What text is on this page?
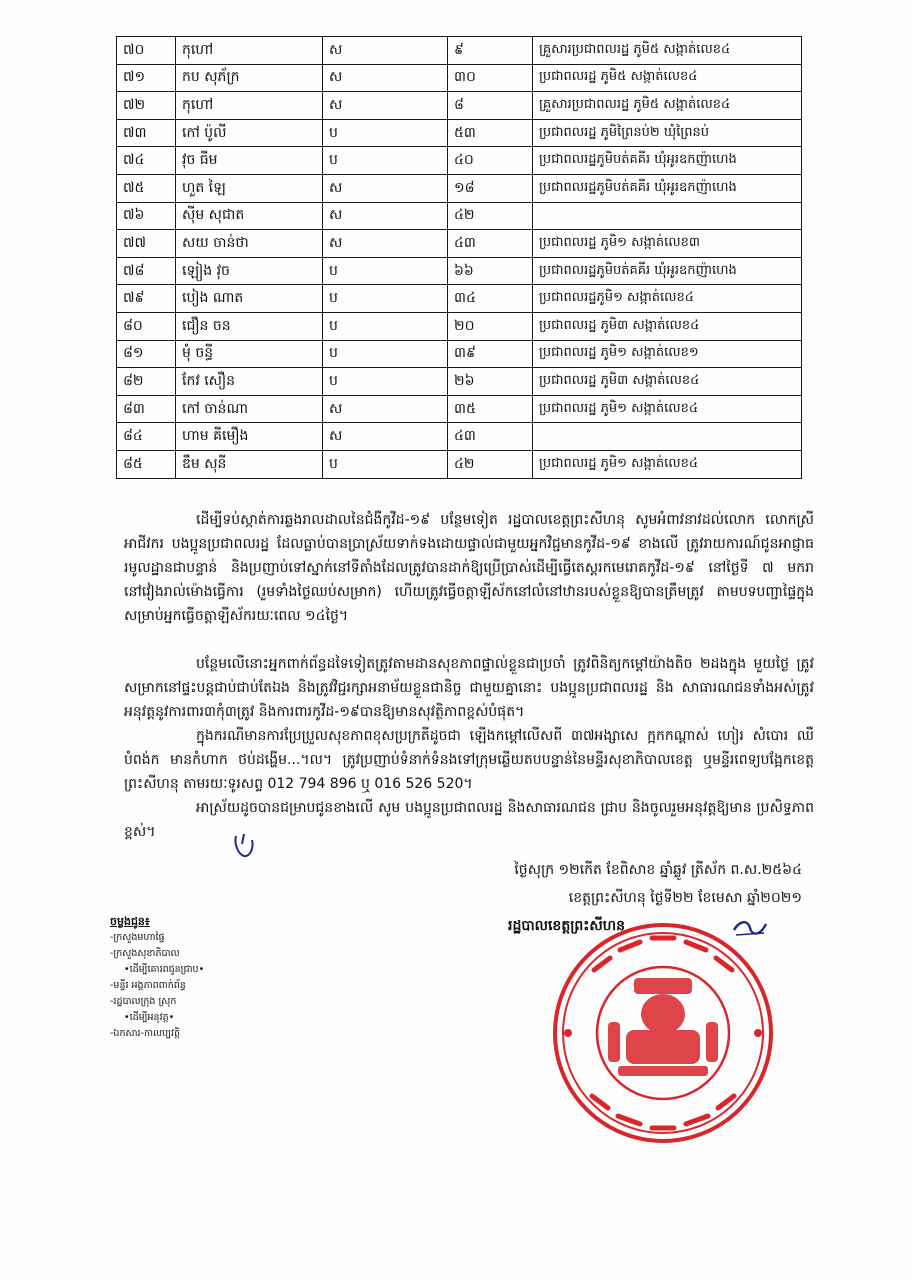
៧០	កុហៅ	ស	៩	គ្រួសារប្រជាពលរដ្ឋ ភូមិ៥ សង្កាត់លេខ៤
៧១	កប សុភ័ក្រ	ស	៣០	ប្រជាពលរដ្ឋ ភូមិ៥ សង្កាត់លេខ៤
៧២	កុហៅ	ស	៨	គ្រួសារប្រជាពលរដ្ឋ ភូមិ៥ សង្កាត់លេខ៤
៧៣	កៅ ប៉ូលី	ប	៥៣	ប្រជាពលរដ្ឋ ភូមិព្រៃនប់២ ឃុំព្រៃនប់
៧៤	វុច ធីម	ប	៤០	ប្រជាពលរដ្ឋភូមិបត់គគីរ ឃុំអូរឧកញ៉ាហេង
៧៥	ហួត ឡៃ	ស	១៨	ប្រជាពលរដ្ឋភូមិបត់គគីរ ឃុំអូរឧកញ៉ាហេង
៧៦	ស៊ីម សុជាត	ស	៤២	
៧៧	សយ ចាន់ថា	ស	៤៣	ប្រជាពលរដ្ឋ ភូមិ១ សង្កាត់លេខ៣
៧៨	ឡៀង វុច	ប	៦៦	ប្រជាពលរដ្ឋភូមិបត់គគីរ ឃុំអូរឧកញ៉ាហេង
៧៩	បៀង ណាត	ប	៣៤	ប្រជាពលរដ្ឋភូមិ១ សង្កាត់លេខ៤
៨០	ជឿន ចន	ប	២០	ប្រជាពលរដ្ឋ ភូមិ៣ សង្កាត់លេខ៤
៨១	មុំ ចន្ធី	ប	៣៩	ប្រជាពលរដ្ឋ ភូមិ១ សង្កាត់លេខ១
៨២	កែវ សឿន	ប	២៦	ប្រជាពលរដ្ឋ ភូមិ៣ សង្កាត់លេខ៤
៨៣	កៅ ចាន់ណា	ស	៣៥	ប្រជាពលរដ្ឋ ភូមិ១ សង្កាត់លេខ៤
៨៤	ហាម គីមឿង	ស	៤៣	
៨៥	ឌឹម សុនី	ប	៤២	ប្រជាពលរដ្ឋ ភូមិ១ សង្កាត់លេខ៤

ដើម្បីទប់ស្កាត់ការឆ្លងរាលដាលនៃជំងឺកូវីដ-១៩ បន្ថែមទៀត រដ្ឋបាលខេត្តព្រះសីហនុ សូមអំពាវនាវដល់លោក លោកស្រី អាជីវករ បងប្អូនប្រជាពលរដ្ឋ ដែលធ្លាប់បានប្រាស្រ័យទាក់ទងដោយផ្ទាល់ជាមួយអ្នកវិជ្ជមានកូវីដ-១៩ ខាងលើ ត្រូវរាយការណ៍ជូនអាជ្ញាធរមូលដ្ឋានជាបន្ទាន់ និងប្រញាប់ទៅស្នាក់នៅទីតាំងដែលត្រូវបានដាក់ឱ្យប្រើប្រាស់ដើម្បីធ្វើតេស្តរកមេរោគកូវីដ-១៩ នៅថ្ងៃទី ៧ មករា នៅវៀងរាល់ម៉ោងធ្វើការ (រួមទាំងថ្ងៃឈប់សម្រាក) ហើយត្រូវធ្វើចត្តាឡីស័កនៅលំនៅឋានរបស់ខ្លួនឱ្យបានត្រឹមត្រូវ តាមបទបញ្ជាផ្ទៃក្នុងសម្រាប់អ្នកធ្វើចត្តាឡីស័ករយៈពេល ១៤ថ្ងៃ។

បន្ថែមលើនោះអ្នកពាក់ព័ន្ធដទៃទៀតត្រូវតាមដានសុខភាពផ្ទាល់ខ្លួនជាប្រចាំ ត្រូវពិនិត្យកម្ដៅយ៉ាងតិច ២ដងក្នុង មួយថ្ងៃ ត្រូវសម្រាកនៅផ្ទះបន្តជាប់ជាប់តែឯង និងត្រូវវិជ្ជរក្សាអនាម័យខ្លួនជានិច្ច ជាមួយគ្នានោះ បងប្អូនប្រជាពលរដ្ឋ និង សាធារណជនទាំងអស់ត្រូវអនុវត្តនូវការពារ៣កុំ៣ត្រូវ និងការពារកូវីដ-១៩បានឱ្យមានសុវត្ថិភាពខ្ពស់បំផុត។

ក្នុងករណីមានការប្រែប្រួលសុខភាពខុសប្រក្រតីដូចជា ឡើងកម្តៅលើសពី ៣៧អង្សាសេ ក្អកកណ្ដាស់ ហៀរ សំបោរ ឈឺបំពង់ក មានកំហាក ថប់ដង្ហើម...។ល។ ត្រូវប្រញាប់ទំនាក់ទំនងទៅក្រុមឆ្លើយតបបន្ទាន់នៃមន្ទីរសុខាភិបាលខេត្ត ឬមន្ទីរពេទ្យបង្អែកខេត្តព្រះសីហនុ តាមរយៈទូរសព្ទ 012 794 896 ឬ 016 526 520។

អាស្រ័យដូចបានជម្រាបជូនខាងលើ សូម បងប្អូនប្រជាពលរដ្ឋ និងសាធារណជន ជ្រាប និងចូលរួមអនុវត្តឱ្យមាន ប្រសិទ្ធភាពខ្ពស់។

ថ្ងៃសុក្រ ១២កើត ខែពិសាខ ឆ្នាំឆ្លូវ ត្រីស័ក ព.ស.២៥៦៤
ខេត្តព្រះសីហនុ ថ្ងៃទី២២ ខែមេសា ឆ្នាំ២០២១
រដ្ឋបាលខេត្តព្រះសីហនុ
ចម្លងជូន៖
-ក្រសួងមហាផ្ទៃ
-ក្រសួងសុខាភិបាល
•ដើម្បីគោរពជូនជ្រាប•
-មន្ទីរ អង្គភាពពាក់ព័ន្ធ
-រដ្ឋបាលក្រុង ស្រុក
•ដើម្បីអនុវត្ត•
-ឯកសារ-កាលប្បវត្តិ
